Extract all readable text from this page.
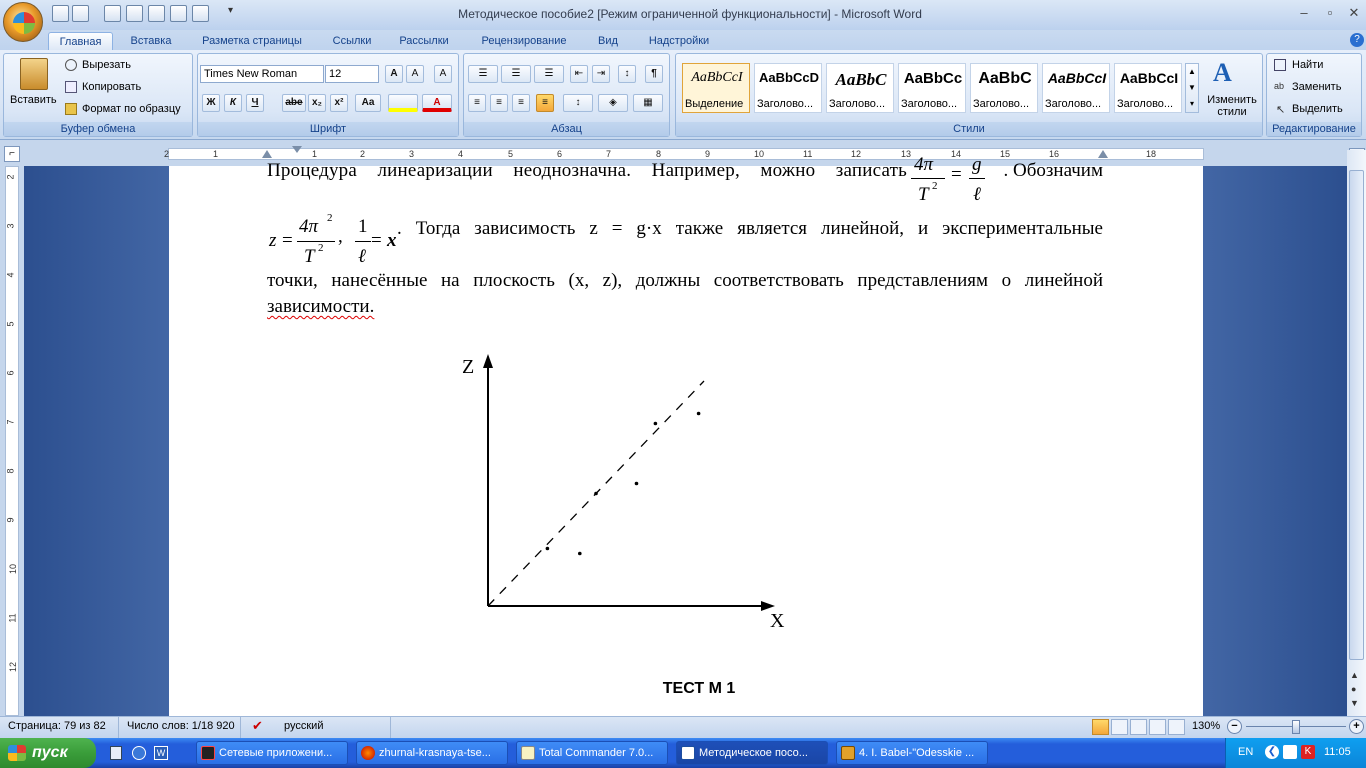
▾	Методическое пособие2 [Режим ограниченной функциональности] - Microsoft Word	–	▫	✕
Главная	Вставка	Разметка страницы	Ссылки	Рассылки	Рецензирование	Вид	Надстройки	?
Буфер обмена
Вставить
Вырезать
Копировать
Формат по образцу
Шрифт
Times New Roman	12	A	A	A
Ж	К	Ч	abe x₂	x²	Aa	A
Абзац
☰	☰	☰	⇤	⇥	↕	¶
≡	≡	≡	≡	↕	◈	▦
Стили
AaBbCcI
Выделение
AaBbCcD
Заголово...
AaBbC
Заголово...
AaBbCc
Заголово...
AaBbC
Заголово...
AaBbCcI
Заголово...
AaBbCcI
Заголово...
▲
▼
▾
A
Изменить стили
Редактирование
Найти
ab Заменить
↖ Выделить
⌐	2	1	1	2	3	4	5	6	7	8	9	10	11	12	13	14	15	16	18
2
3
4
5
6
7
8
9
10
11
12
▲
●
▼
Процедура линеаризации неоднозначна. Например, можно записать 4π
T 2
= g
ℓ
. Обозначим
z =
4π 2
T 2
, 1
ℓ
= x
. Тогда зависимость z = g·x также является линейной, и экспериментальные
точки, нанесённые на плоскость (x, z), должны соответствовать представлениям о линейной
зависимости.
Z
X
ТЕСТ М 1
Страница: 79 из 82 Число слов: 1/18 920 ✔ русский	130%	−	+
пуск	W	Сетевые приложени...	zhurnal-krasnaya-tse...	Total Commander 7.0...	Методическое посо...	4. I. Babel-"Odesskie ...	EN ❮	K	11:05
